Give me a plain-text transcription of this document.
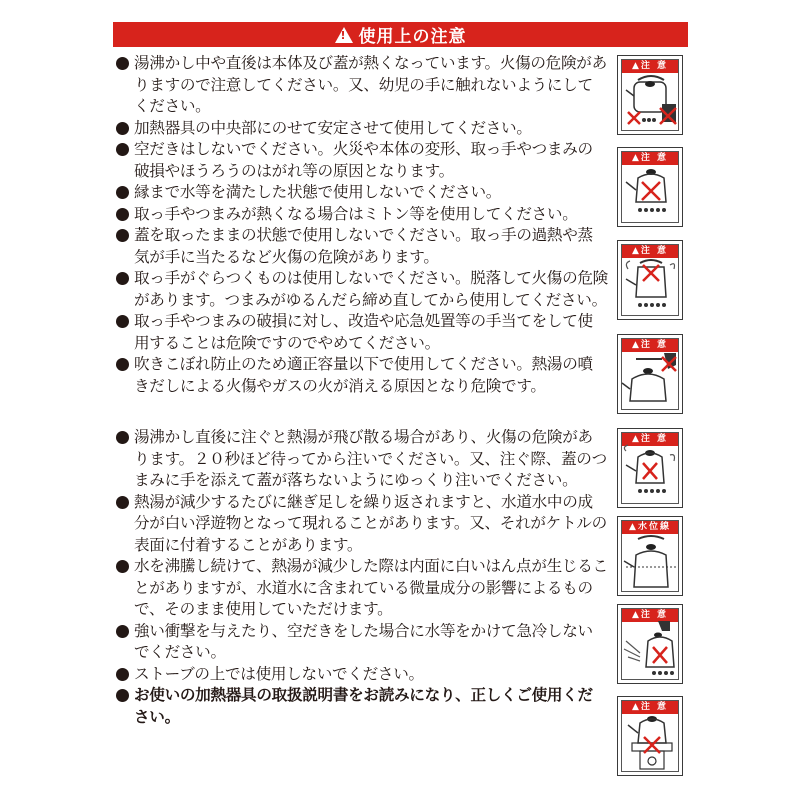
!
使用上の注意
湯沸かし中や直後は本体及び蓋が熱くなっています。火傷の危険がありますので注意してください。又、幼児の手に触れないようにしてください。
加熱器具の中央部にのせて安定させて使用してください。
空だきはしないでください。火災や本体の変形、取っ手やつまみの破損やほうろうのはがれ等の原因となります。
縁まで水等を満たした状態で使用しないでください。
取っ手やつまみが熱くなる場合はミトン等を使用してください。
蓋を取ったままの状態で使用しないでください。取っ手の過熱や蒸気が手に当たるなど火傷の危険があります。
取っ手がぐらつくものは使用しないでください。脱落して火傷の危険があります。つまみがゆるんだら締め直してから使用してください。
取っ手やつまみの破損に対し、改造や応急処置等の手当てをして使用することは危険ですのでやめてください。
吹きこぼれ防止のため適正容量以下で使用してください。熱湯の噴きだしによる火傷やガスの火が消える原因となり危険です。
湯沸かし直後に注ぐと熱湯が飛び散る場合があり、火傷の危険があります。２０秒ほど待ってから注いでください。又、注ぐ際、蓋のつまみに手を添えて蓋が落ちないようにゆっくり注いでください。
熱湯が減少するたびに継ぎ足しを繰り返されますと、水道水中の成分が白い浮遊物となって現れることがあります。又、それがケトルの表面に付着することがあります。
水を沸騰し続けて、熱湯が減少した際は内面に白いはん点が生じることがありますが、水道水に含まれている微量成分の影響によるもので、そのまま使用していただけます。
強い衝撃を与えたり、空だきをした場合に水等をかけて急冷しないでください。
ストーブの上では使用しないでください。
お使いの加熱器具の取扱説明書をお読みになり、正しくご使用ください。
▲注 意
▲注 意
▲注 意
▲注 意
▲注 意
▲水位線
▲注 意
▲注 意
